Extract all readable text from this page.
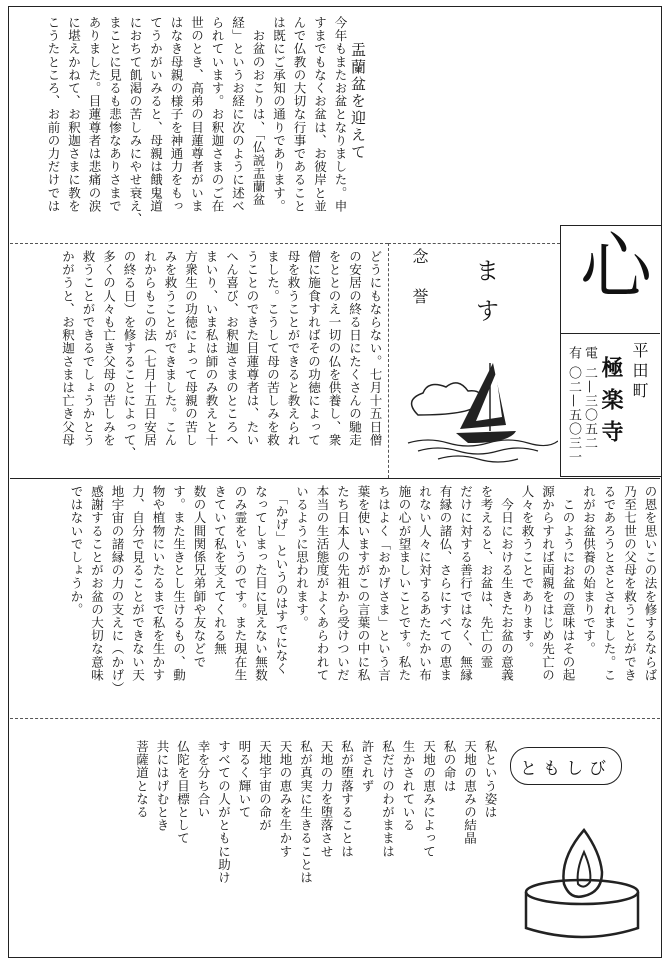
心
平田町
極楽寺
電
二—三〇五二
有
〇二—五〇三一
盂蘭盆を迎えて
今年もまたお盆となりました。申
すまでもなくお盆は、お彼岸と並
んで仏教の大切な行事であること
は既にご承知の通りであります。
　お盆のおこりは、「仏説盂蘭盆
経」というお経に次のように述べ
られています。お釈迦さまのご在
世のとき、高弟の目蓮尊者がいま
はなき母親の様子を神通力をもっ
てうかがいみると、母親は餓鬼道
におちて飢渇の苦しみにやせ衰え、
まことに見るも悲惨なありさまで
ありました。目蓮尊者は悲痛の涙
に堪えかねて、お釈迦さまに教を
こうたところ、お前の力だけでは
ます
念　誉
どうにもならない。七月十五日僧
の安居の終る日にたくさんの馳走
をととのえ一切の仏を供養し、衆
僧に施食すればその功徳によって
母を救うことができると教えられ
ました。こうして母の苦しみを救
うことのできた目蓮尊者は、たい
へん喜び、お釈迦さまのところへ
まいり、いま私は師のみ教えと十
方衆生の功徳によって母親の苦し
みを救うことができました。こん
れからもこの法（七月十五日安居
の終る日）を修することによって、
多くの人々も亡き父母の苦しみを
救うことができるでしょうかとう
かがうと、お釈迦さまは亡き父母
の恩を思いこの法を修するならば
乃至七世の父母を救うことができ
るであろうとさとされました。こ
れがお盆供養の始まりです。
　このようにお盆の意味はその起
源からすれば両親をはじめ先亡の
人々を救うことであります。
　今日における生きたお盆の意義
を考えると、お盆は、先亡の霊
だけに対する善行ではなく、無縁
有縁の諸仏、さらにすべての恵ま
れない人々に対するあたたかい布
施の心が望ましいことです。私た
ちはよく「おかげさま」という言
葉を使いますがこの言葉の中に私
たち日本人の先祖から受けついだ
本当の生活態度がよくあらわれて
いるように思われます。
　「かげ」というのはすでになく
なってしまった目に見えない無数
のみ霊をいうのです。また現在生
きていて私を支えてくれる無
数の人間関係兄弟師や友などで
す。また生きとし生けるもの、動
物や植物にいたるまで私を生かす
力、自分で見ることができない天
地宇宙の諸縁の力の支えに（かげ）
感謝することがお盆の大切な意味
ではないでしょうか。
ともしび
私という姿は
天地の恵みの結晶
私の命は
天地の恵みによって
生かされている
私だけのわがままは
許されず
私が堕落することは
天地の力を堕落させ
私が真実に生きることは
天地の恵みを生かす
天地宇宙の命が
明るく輝いて
すべての人がともに助け
幸を分ち合い
仏陀を目標として
共にはげむとき
菩薩道となる
